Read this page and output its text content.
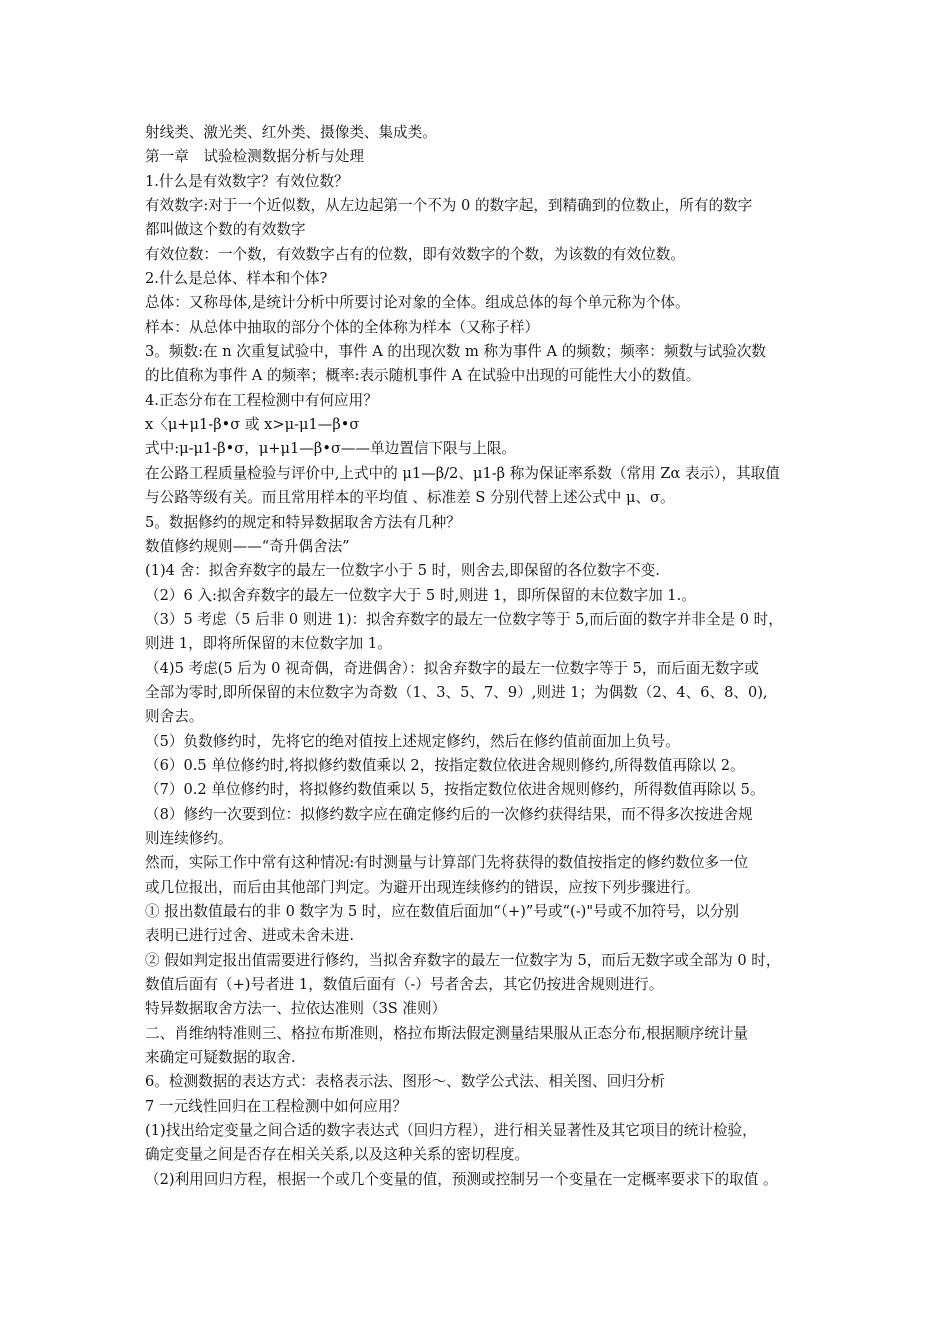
射线类、激光类、红外类、摄像类、集成类。
第一章　试验检测数据分析与处理
1.什么是有效数字？有效位数？
有效数字:对于一个近似数，从左边起第一个不为 0 的数字起，到精确到的位数止，所有的数字
都叫做这个数的有效数字
有效位数：一个数，有效数字占有的位数，即有效数字的个数，为该数的有效位数。
2.什么是总体、样本和个体?
总体：又称母体,是统计分析中所要讨论对象的全体。组成总体的每个单元称为个体。
样本：从总体中抽取的部分个体的全体称为样本（又称子样）
3。频数:在 n 次重复试验中，事件 A 的出现次数 m 称为事件 A 的频数；频率：频数与试验次数
的比值称为事件 A 的频率；概率:表示随机事件 A 在试验中出现的可能性大小的数值。
4.正态分布在工程检测中有何应用？
x〈μ+μ1-β•σ 或 x>μ-μ1—β•σ
式中:μ-μ1-β•σ，μ+μ1—β•σ——单边置信下限与上限。
在公路工程质量检验与评价中,上式中的 μ1—β/2、μ1-β 称为保证率系数（常用 Zα 表示），其取值
与公路等级有关。而且常用样本的平均值 、标准差 S 分别代替上述公式中 μ、σ。
5。数据修约的规定和特异数据取舍方法有几种？
数值修约规则——“奇升偶舍法”
(1)4 舍：拟舍弃数字的最左一位数字小于 5 时，则舍去,即保留的各位数字不变.
（2）6 入:拟舍弃数字的最左一位数字大于 5 时,则进 1，即所保留的末位数字加 1.。
（3）5 考虑（5 后非 0 则进 1)：拟舍弃数字的最左一位数字等于 5,而后面的数字并非全是 0 时，
则进 1，即将所保留的末位数字加 1。
（4)5 考虑(5 后为 0 视奇偶，奇进偶舍）：拟舍弃数字的最左一位数字等于 5，而后面无数字或
全部为零时,即所保留的末位数字为奇数（1、3、5、7、9）,则进 1；为偶数（2、4、6、8、0),
则舍去。
（5）负数修约时，先将它的绝对值按上述规定修约，然后在修约值前面加上负号。
（6）0.5 单位修约时,将拟修约数值乘以 2，按指定数位依进舍规则修约,所得数值再除以 2。
（7）0.2 单位修约时，将拟修约数值乘以 5，按指定数位依进舍规则修约，所得数值再除以 5。
（8）修约一次要到位：拟修约数字应在确定修约后的一次修约获得结果，而不得多次按进舍规
则连续修约。
然而，实际工作中常有这种情况:有时测量与计算部门先将获得的数值按指定的修约数位多一位
或几位报出，而后由其他部门判定。为避开出现连续修约的错误，应按下列步骤进行。
① 报出数值最右的非 0 数字为 5 时，应在数值后面加“（+)”号或“(-)"号或不加符号，以分别
表明已进行过舍、进或未舍未进.
② 假如判定报出值需要进行修约，当拟舍弃数字的最左一位数字为 5，而后无数字或全部为 0 时，
数值后面有（+)号者进 1，数值后面有（-）号者舍去，其它仍按进舍规则进行。
特异数据取舍方法一、拉依达准则（3S 准则）
二、肖维纳特准则三、格拉布斯准则，格拉布斯法假定测量结果服从正态分布,根据顺序统计量
来确定可疑数据的取舍.
6。检测数据的表达方式：表格表示法、图形～、数学公式法、相关图、回归分析
7 一元线性回归在工程检测中如何应用？
(1)找出给定变量之间合适的数字表达式（回归方程），进行相关显著性及其它项目的统计检验，
确定变量之间是否存在相关关系,以及这种关系的密切程度。
（2)利用回归方程，根据一个或几个变量的值，预测或控制另一个变量在一定概率要求下的取值 。
